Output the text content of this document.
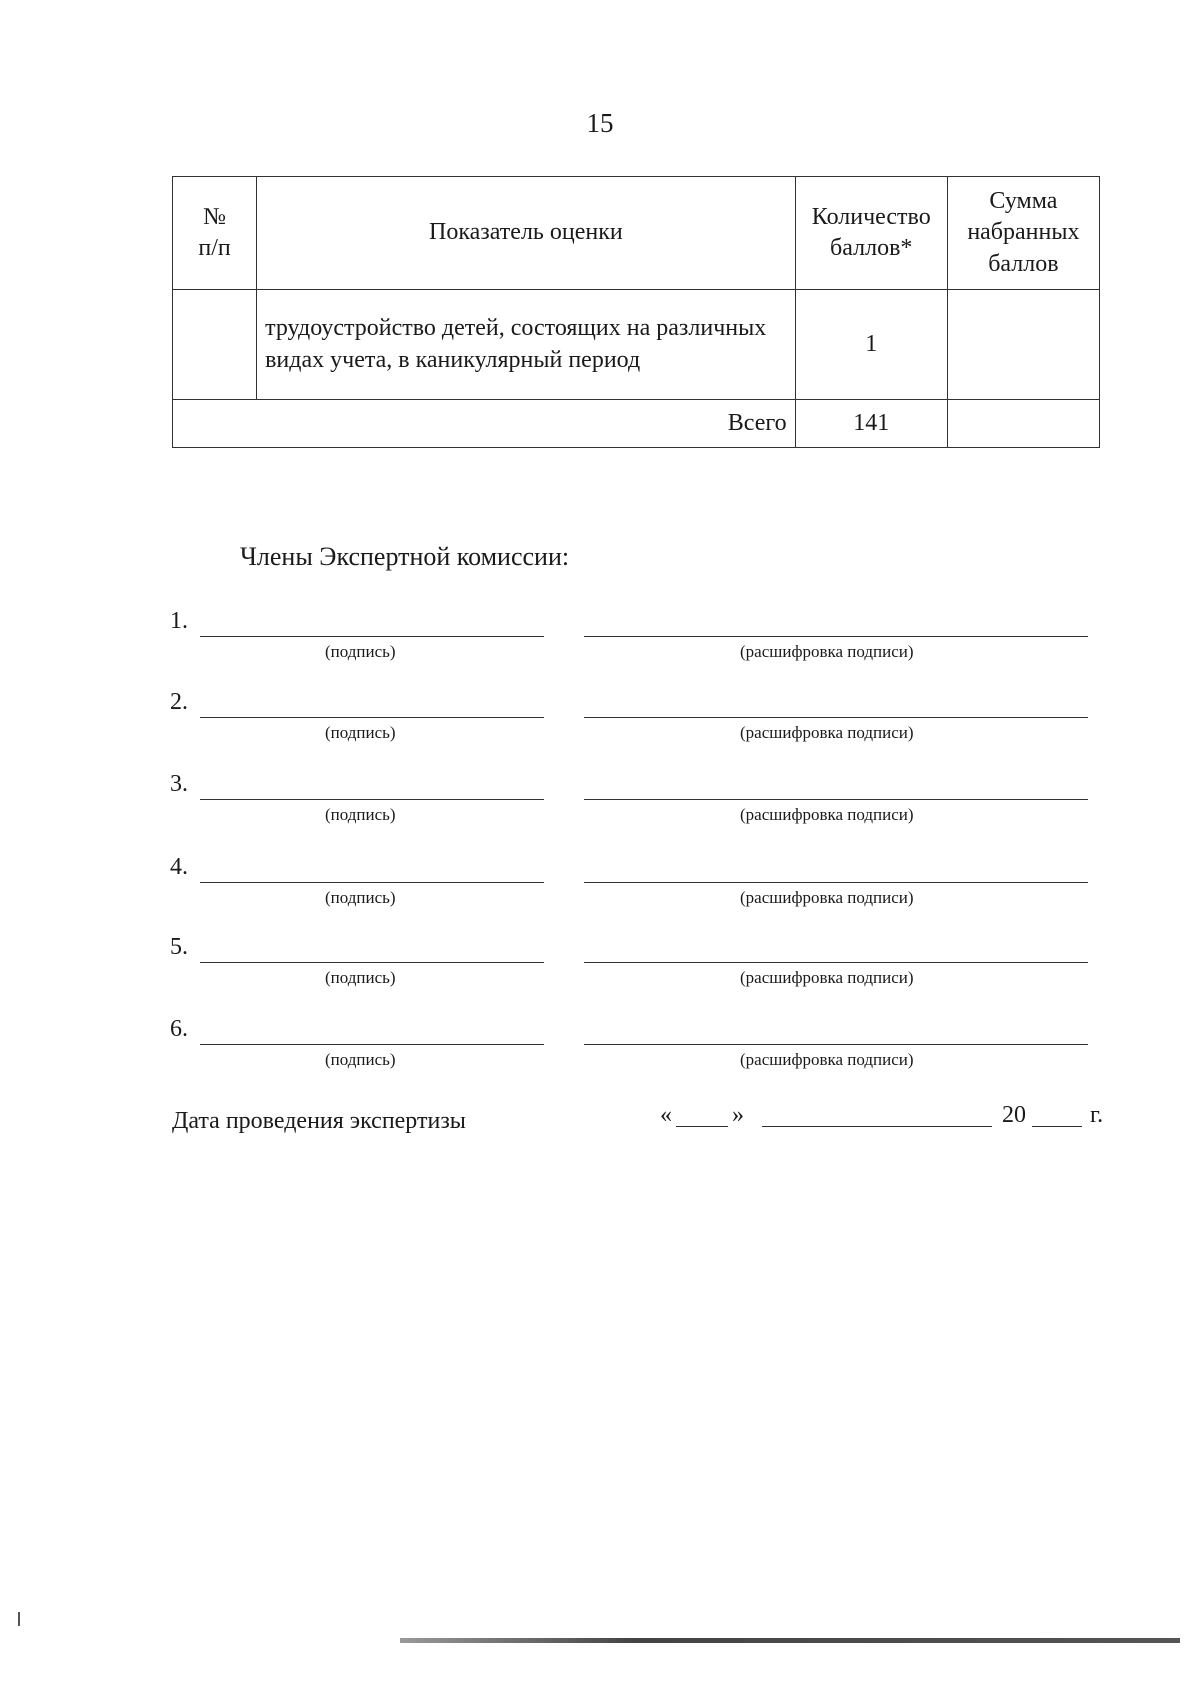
15
№
п/п	Показатель оценки	Количество баллов*	Сумма набранных баллов
	трудоустройство детей, состоящих на различных видах учета, в каникулярный период	1	
Всего		141	
Члены Экспертной комиссии:
1.
(подпись)	(расшифровка подписи)
2.
(подпись)	(расшифровка подписи)
3.
(подпись)	(расшифровка подписи)
4.
(подпись)	(расшифровка подписи)
5.
(подпись)	(расшифровка подписи)
6.
(подпись)	(расшифровка подписи)
Дата проведения экспертизы	«	»	20	г.
